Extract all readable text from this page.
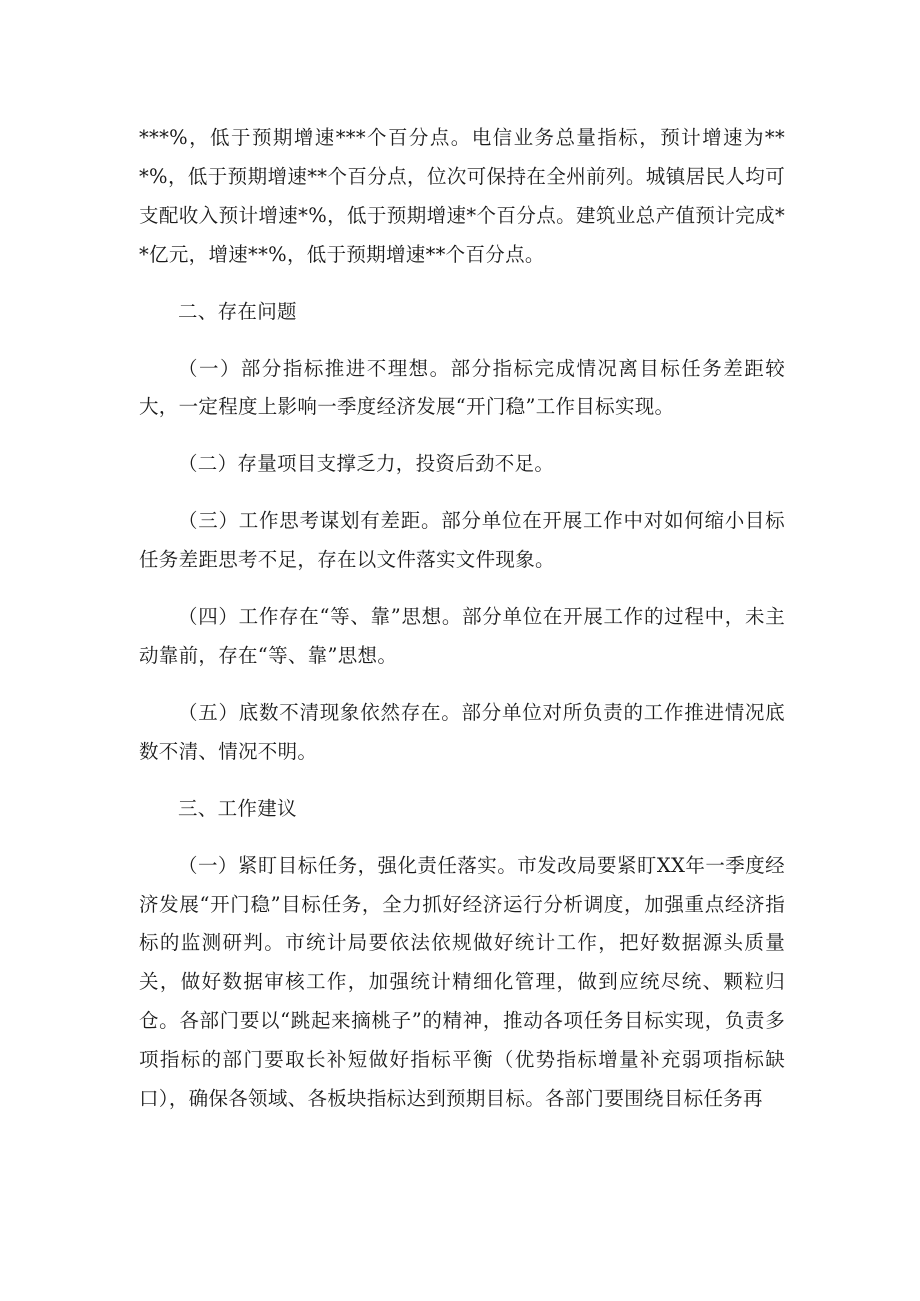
***%，低于预期增速***个百分点。电信业务总量指标，预计增速为***%，低于预期增速**个百分点，位次可保持在全州前列。城镇居民人均可支配收入预计增速*%，低于预期增速*个百分点。建筑业总产值预计完成**亿元，增速**%，低于预期增速**个百分点。

二、存在问题

（一）部分指标推进不理想。部分指标完成情况离目标任务差距较大，一定程度上影响一季度经济发展“开门稳”工作目标实现。

（二）存量项目支撑乏力，投资后劲不足。

（三）工作思考谋划有差距。部分单位在开展工作中对如何缩小目标任务差距思考不足，存在以文件落实文件现象。

（四）工作存在“等、靠”思想。部分单位在开展工作的过程中，未主动靠前，存在“等、靠”思想。

（五）底数不清现象依然存在。部分单位对所负责的工作推进情况底数不清、情况不明。

三、工作建议

（一）紧盯目标任务，强化责任落实。市发改局要紧盯XX年一季度经济发展“开门稳”目标任务，全力抓好经济运行分析调度，加强重点经济指标的监测研判。市统计局要依法依规做好统计工作，把好数据源头质量关，做好数据审核工作，加强统计精细化管理，做到应统尽统、颗粒归仓。各部门要以“跳起来摘桃子”的精神，推动各项任务目标实现，负责多项指标的部门要取长补短做好指标平衡（优势指标增量补充弱项指标缺口），确保各领域、各板块指标达到预期目标。各部门要围绕目标任务再
